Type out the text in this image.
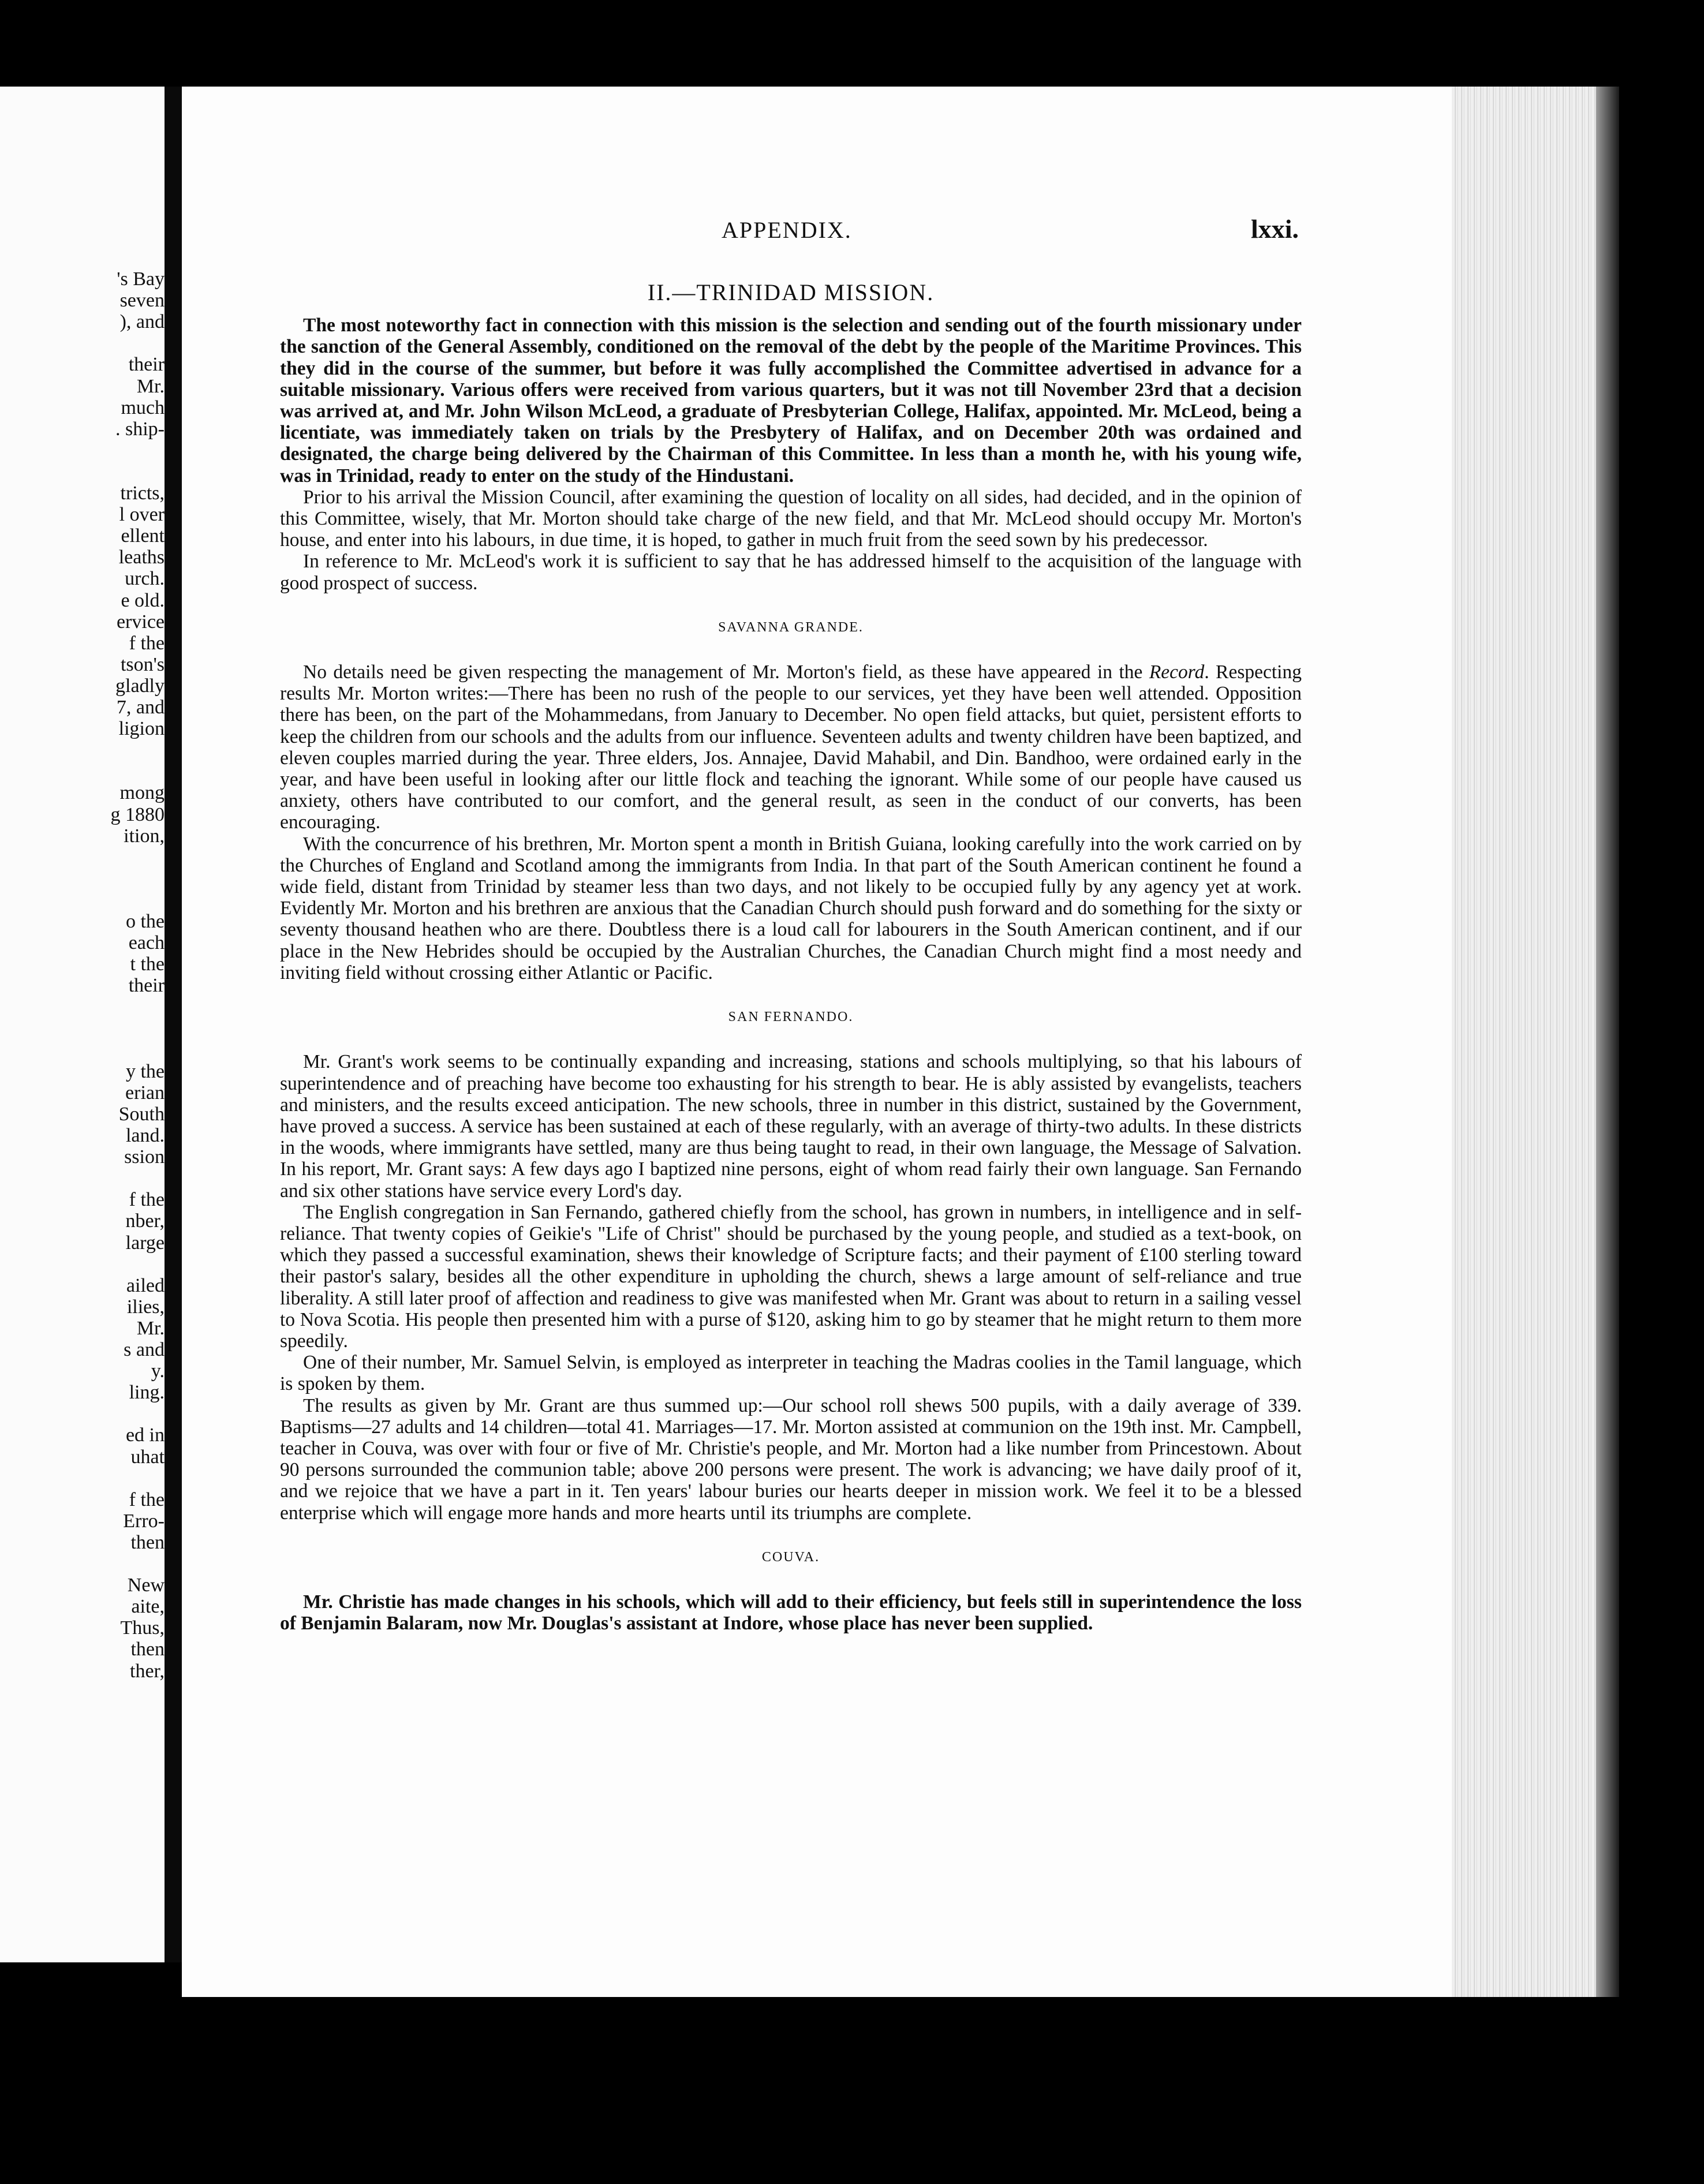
's Bay
seven
), and
their
Mr.
much
. ship-
tricts,
l over
ellent
leaths
urch.
e old.
ervice
f the
tson's
gladly
7, and
ligion
mong
g 1880
ition,
o the
each
t the
their
y the
erian
South
land.
ssion
f the
nber,
large
ailed
ilies,
Mr.
s and
y.
ling.
ed in
uhat
f the
Erro-
then
New
aite,
Thus,
then
ther,
APPENDIX.	lxxi.
II.—TRINIDAD MISSION.

The most noteworthy fact in connection with this mission is the selection and sending out of the fourth missionary under the sanction of the General Assembly, conditioned on the removal of the debt by the people of the Maritime Provinces. This they did in the course of the summer, but before it was fully accomplished the Committee advertised in advance for a suitable missionary. Various offers were received from various quarters, but it was not till November 23rd that a decision was arrived at, and Mr. John Wilson McLeod, a graduate of Presbyterian College, Halifax, appointed. Mr. McLeod, being a licentiate, was immediately taken on trials by the Presbytery of Halifax, and on December 20th was ordained and designated, the charge being delivered by the Chairman of this Committee. In less than a month he, with his young wife, was in Trinidad, ready to enter on the study of the Hindustani.

Prior to his arrival the Mission Council, after examining the question of locality on all sides, had decided, and in the opinion of this Committee, wisely, that Mr. Morton should take charge of the new field, and that Mr. McLeod should occupy Mr. Morton's house, and enter into his labours, in due time, it is hoped, to gather in much fruit from the seed sown by his predecessor.

In reference to Mr. McLeod's work it is sufficient to say that he has addressed himself to the acquisition of the language with good prospect of success.

SAVANNA GRANDE.

No details need be given respecting the management of Mr. Morton's field, as these have appeared in the Record. Respecting results Mr. Morton writes:—There has been no rush of the people to our services, yet they have been well attended. Opposition there has been, on the part of the Mohammedans, from January to December. No open field attacks, but quiet, persistent efforts to keep the children from our schools and the adults from our influence. Seventeen adults and twenty children have been baptized, and eleven couples married during the year. Three elders, Jos. Annajee, David Mahabil, and Din. Bandhoo, were ordained early in the year, and have been useful in looking after our little flock and teaching the ignorant. While some of our people have caused us anxiety, others have contributed to our comfort, and the general result, as seen in the conduct of our converts, has been encouraging.

With the concurrence of his brethren, Mr. Morton spent a month in British Guiana, looking carefully into the work carried on by the Churches of England and Scotland among the immigrants from India. In that part of the South American continent he found a wide field, distant from Trinidad by steamer less than two days, and not likely to be occupied fully by any agency yet at work. Evidently Mr. Morton and his brethren are anxious that the Canadian Church should push forward and do something for the sixty or seventy thousand heathen who are there. Doubtless there is a loud call for labourers in the South American continent, and if our place in the New Hebrides should be occupied by the Australian Churches, the Canadian Church might find a most needy and inviting field without crossing either Atlantic or Pacific.

SAN FERNANDO.

Mr. Grant's work seems to be continually expanding and increasing, stations and schools multiplying, so that his labours of superintendence and of preaching have become too exhausting for his strength to bear. He is ably assisted by evangelists, teachers and ministers, and the results exceed anticipation. The new schools, three in number in this district, sustained by the Government, have proved a success. A service has been sustained at each of these regularly, with an average of thirty-two adults. In these districts in the woods, where immigrants have settled, many are thus being taught to read, in their own language, the Message of Salvation. In his report, Mr. Grant says: A few days ago I baptized nine persons, eight of whom read fairly their own language. San Fernando and six other stations have service every Lord's day.

The English congregation in San Fernando, gathered chiefly from the school, has grown in numbers, in intelligence and in self-reliance. That twenty copies of Geikie's "Life of Christ" should be purchased by the young people, and studied as a text-book, on which they passed a successful examination, shews their knowledge of Scripture facts; and their payment of £100 sterling toward their pastor's salary, besides all the other expenditure in upholding the church, shews a large amount of self-reliance and true liberality. A still later proof of affection and readiness to give was manifested when Mr. Grant was about to return in a sailing vessel to Nova Scotia. His people then presented him with a purse of $120, asking him to go by steamer that he might return to them more speedily.

One of their number, Mr. Samuel Selvin, is employed as interpreter in teaching the Madras coolies in the Tamil language, which is spoken by them.

The results as given by Mr. Grant are thus summed up:—Our school roll shews 500 pupils, with a daily average of 339. Baptisms—27 adults and 14 children—total 41. Marriages—17. Mr. Morton assisted at communion on the 19th inst. Mr. Campbell, teacher in Couva, was over with four or five of Mr. Christie's people, and Mr. Morton had a like number from Princestown. About 90 persons surrounded the communion table; above 200 persons were present. The work is advancing; we have daily proof of it, and we rejoice that we have a part in it. Ten years' labour buries our hearts deeper in mission work. We feel it to be a blessed enterprise which will engage more hands and more hearts until its triumphs are complete.

COUVA.

Mr. Christie has made changes in his schools, which will add to their efficiency, but feels still in superintendence the loss of Benjamin Balaram, now Mr. Douglas's assistant at Indore, whose place has never been supplied.
